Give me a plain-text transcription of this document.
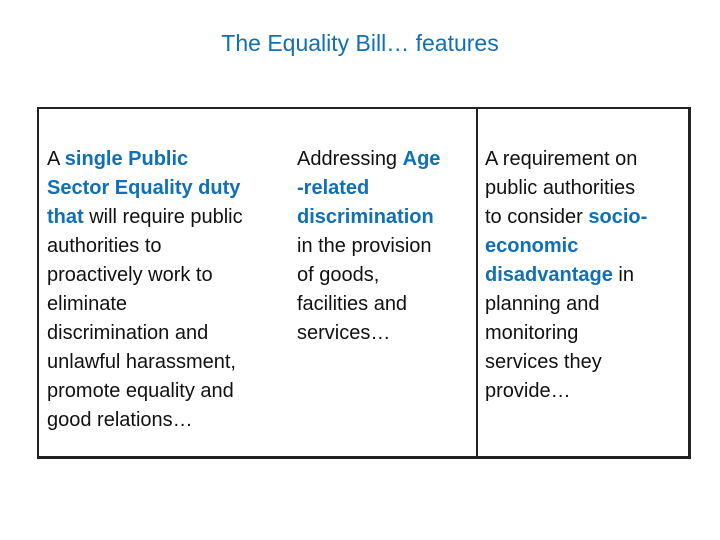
The Equality Bill… features
A single Public
Sector Equality duty
that will require public
authorities to
proactively work to
eliminate
discrimination and
unlawful harassment,
promote equality and
good relations…
Addressing Age
-related
discrimination
in the provision
of goods,
facilities and
services…
A requirement on
public authorities
to consider socio-
economic
disadvantage in
planning and
monitoring
services they
provide…
